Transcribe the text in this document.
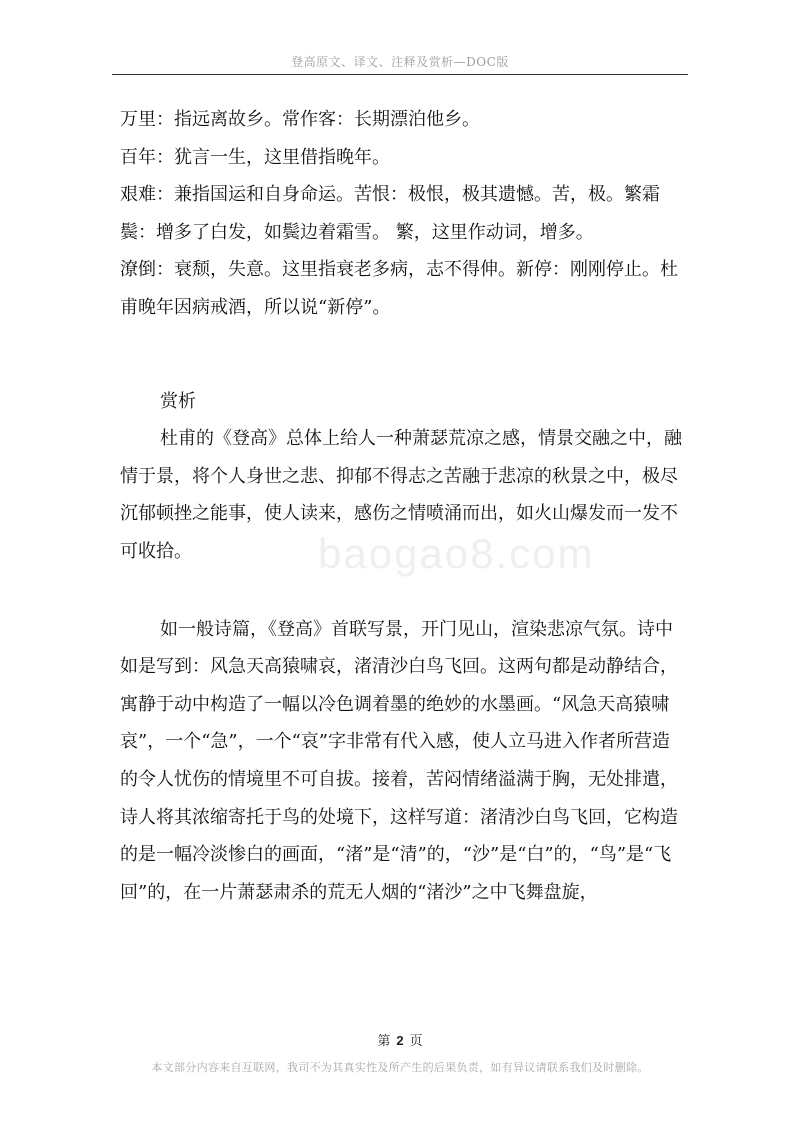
登高原文、译文、注释及赏析—DOC版
baogao8.com

万里：指远离故乡。常作客：长期漂泊他乡。

百年：犹言一生，这里借指晚年。

艰难：兼指国运和自身命运。苦恨：极恨，极其遗憾。苦，极。繁霜鬓：增多了白发，如鬓边着霜雪。 繁，这里作动词，增多。

潦倒：衰颓，失意。这里指衰老多病，志不得伸。新停：刚刚停止。杜甫晚年因病戒酒，所以说“新停”。

赏析

杜甫的《登高》总体上给人一种萧瑟荒凉之感，情景交融之中，融情于景，将个人身世之悲、抑郁不得志之苦融于悲凉的秋景之中，极尽沉郁顿挫之能事，使人读来，感伤之情喷涌而出，如火山爆发而一发不可收拾。

如一般诗篇，《登高》首联写景，开门见山，渲染悲凉气氛。诗中如是写到：风急天高猿啸哀，渚清沙白鸟飞回。这两句都是动静结合，寓静于动中构造了一幅以冷色调着墨的绝妙的水墨画。“风急天高猿啸哀”，一个“急”，一个“哀”字非常有代入感，使人立马进入作者所营造的令人忧伤的情境里不可自拔。接着，苦闷情绪溢满于胸，无处排遣，诗人将其浓缩寄托于鸟的处境下，这样写道：渚清沙白鸟飞回，它构造的是一幅冷淡惨白的画面，“渚”是“清”的，“沙”是“白”的，“鸟”是“飞回”的，在一片萧瑟肃杀的荒无人烟的“渚沙”之中飞舞盘旋，

第 2 页
本文部分内容来自互联网，我司不为其真实性及所产生的后果负责，如有异议请联系我们及时删除。
